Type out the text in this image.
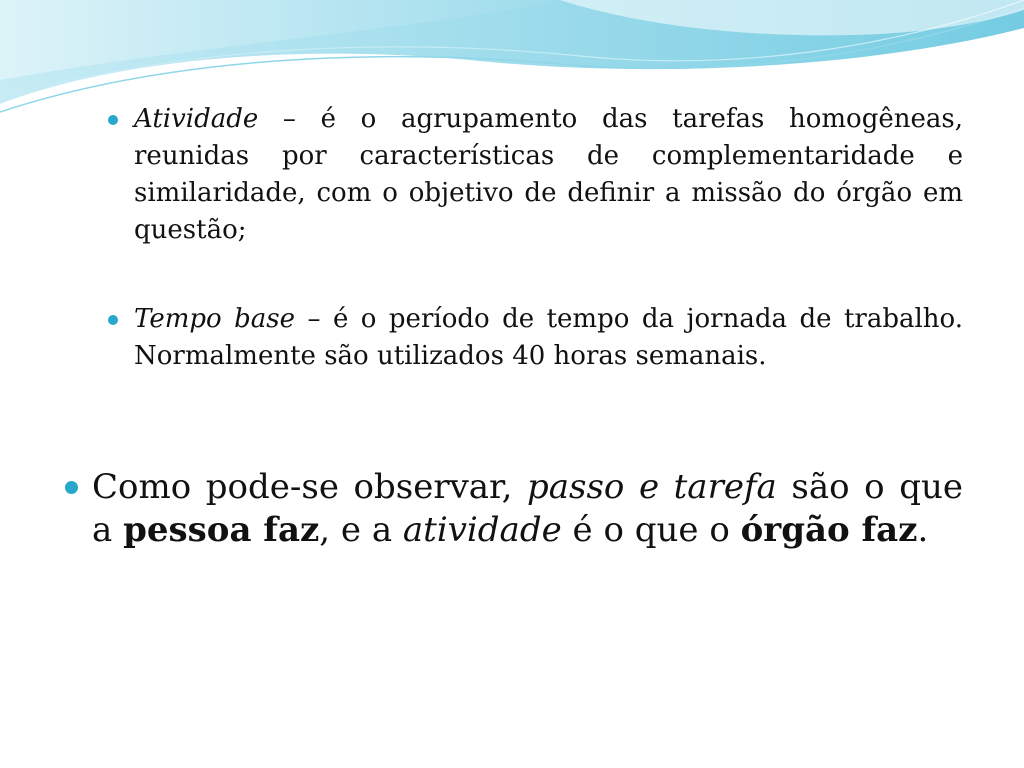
Atividade – é o agrupamento das tarefas homogêneas, reunidas por características de complementaridade e similaridade, com o objetivo de definir a missão do órgão em questão;
Tempo base – é o período de tempo da jornada de trabalho. Normalmente são utilizados 40 horas semanais.
Como pode-se observar, passo e tarefa são o que a pessoa faz, e a atividade é o que o órgão faz.
